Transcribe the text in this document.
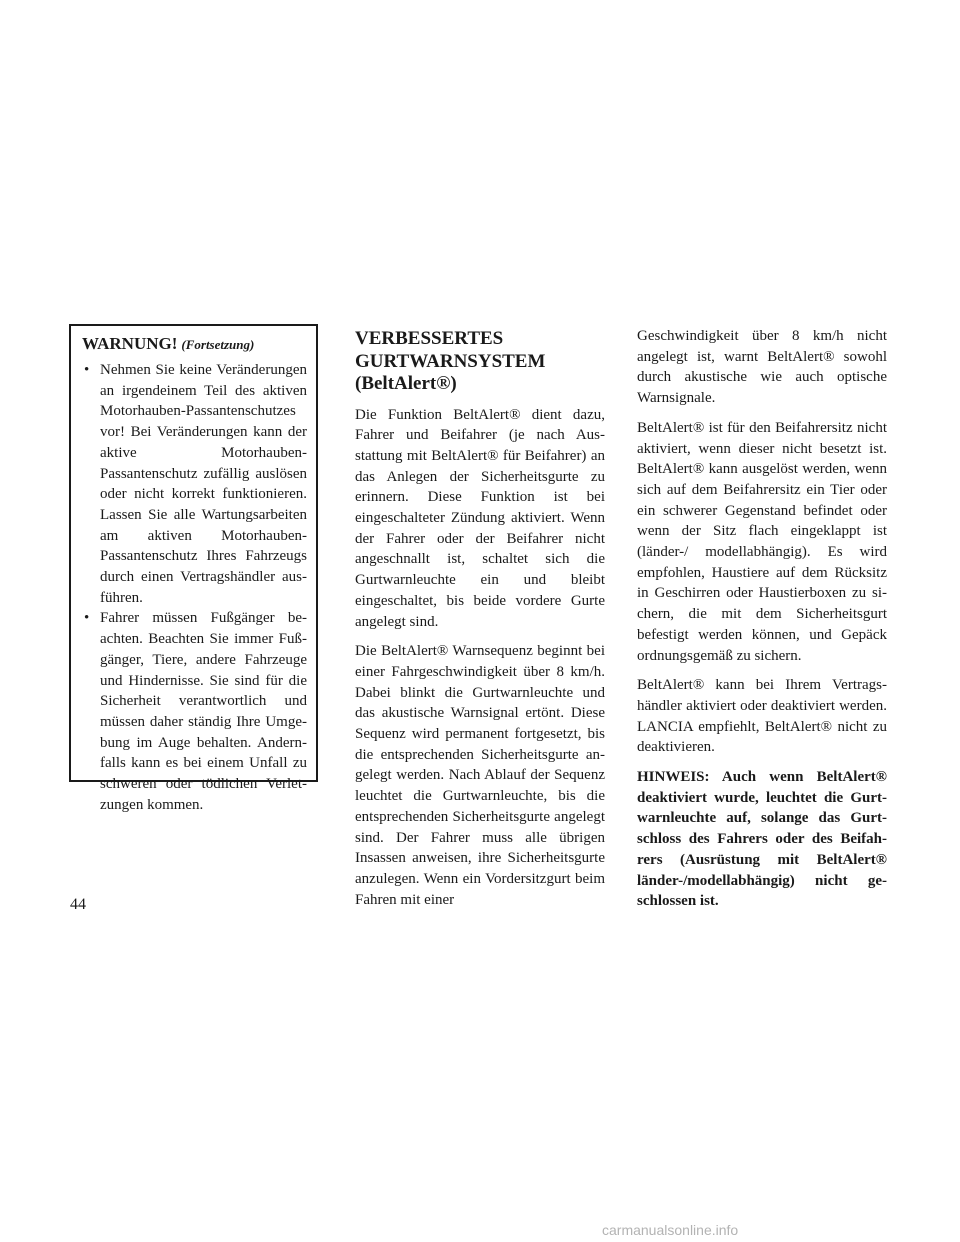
WARNUNG! (Fortsetzung)
• Nehmen Sie keine Veränderungen an irgendeinem Teil des aktiven Motorhauben-Passantenschutzes vor! Bei Veränderungen kann der aktive Motorhauben-Passantenschutz zufällig auslösen oder nicht korrekt funktionieren. Lassen Sie alle Wartungsarbeiten am aktiven Motorhauben-Passantenschutz Ihres Fahrzeugs durch einen Vertragshändler ausführen.
• Fahrer müssen Fußgänger beachten. Beachten Sie immer Fußgänger, Tiere, andere Fahrzeuge und Hindernisse. Sie sind für die Sicherheit verantwortlich und müssen daher ständig Ihre Umgebung im Auge behalten. Andernfalls kann es bei einem Unfall zu schweren oder tödlichen Verletzungen kommen.
VERBESSERTES
GURTWARNSYSTEM
(BeltAlert®)

Die Funktion BeltAlert® dient dazu, Fahrer und Beifahrer (je nach Ausstattung mit BeltAlert® für Beifahrer) an das Anlegen der Sicherheitsgurte zu erinnern. Diese Funktion ist bei eingeschalteter Zündung aktiviert. Wenn der Fahrer oder der Beifahrer nicht angeschnallt ist, schaltet sich die Gurtwarnleuchte ein und bleibt eingeschaltet, bis beide vordere Gurte angelegt sind.

Die BeltAlert® Warnsequenz beginnt bei einer Fahrgeschwindigkeit über 8 km/h. Dabei blinkt die Gurtwarnleuchte und das akustische Warnsignal ertönt. Diese Sequenz wird permanent fortgesetzt, bis die entsprechenden Sicherheitsgurte angelegt werden. Nach Ablauf der Sequenz leuchtet die Gurtwarnleuchte, bis die entsprechenden Sicherheitsgurte angelegt sind. Der Fahrer muss alle übrigen Insassen anweisen, ihre Sicherheitsgurte anzulegen. Wenn ein Vordersitzgurt beim Fahren mit einer

Geschwindigkeit über 8 km/h nicht angelegt ist, warnt BeltAlert® sowohl durch akustische wie auch optische Warnsignale.

BeltAlert® ist für den Beifahrersitz nicht aktiviert, wenn dieser nicht besetzt ist. BeltAlert® kann ausgelöst werden, wenn sich auf dem Beifahrersitz ein Tier oder ein schwerer Gegenstand befindet oder wenn der Sitz flach eingeklappt ist (länder-/ modellabhängig). Es wird empfohlen, Haustiere auf dem Rücksitz in Geschirren oder Haustierboxen zu sichern, die mit dem Sicherheitsgurt befestigt werden können, und Gepäck ordnungsgemäß zu sichern.

BeltAlert® kann bei Ihrem Vertragshändler aktiviert oder deaktiviert werden. LANCIA empfiehlt, BeltAlert® nicht zu deaktivieren.

HINWEIS: Auch wenn BeltAlert® deaktiviert wurde, leuchtet die Gurtwarnleuchte auf, solange das Gurtschloss des Fahrers oder des Beifahrers (Ausrüstung mit BeltAlert® länder-/modellabhängig) nicht geschlossen ist.

44
carmanualsonline.info
